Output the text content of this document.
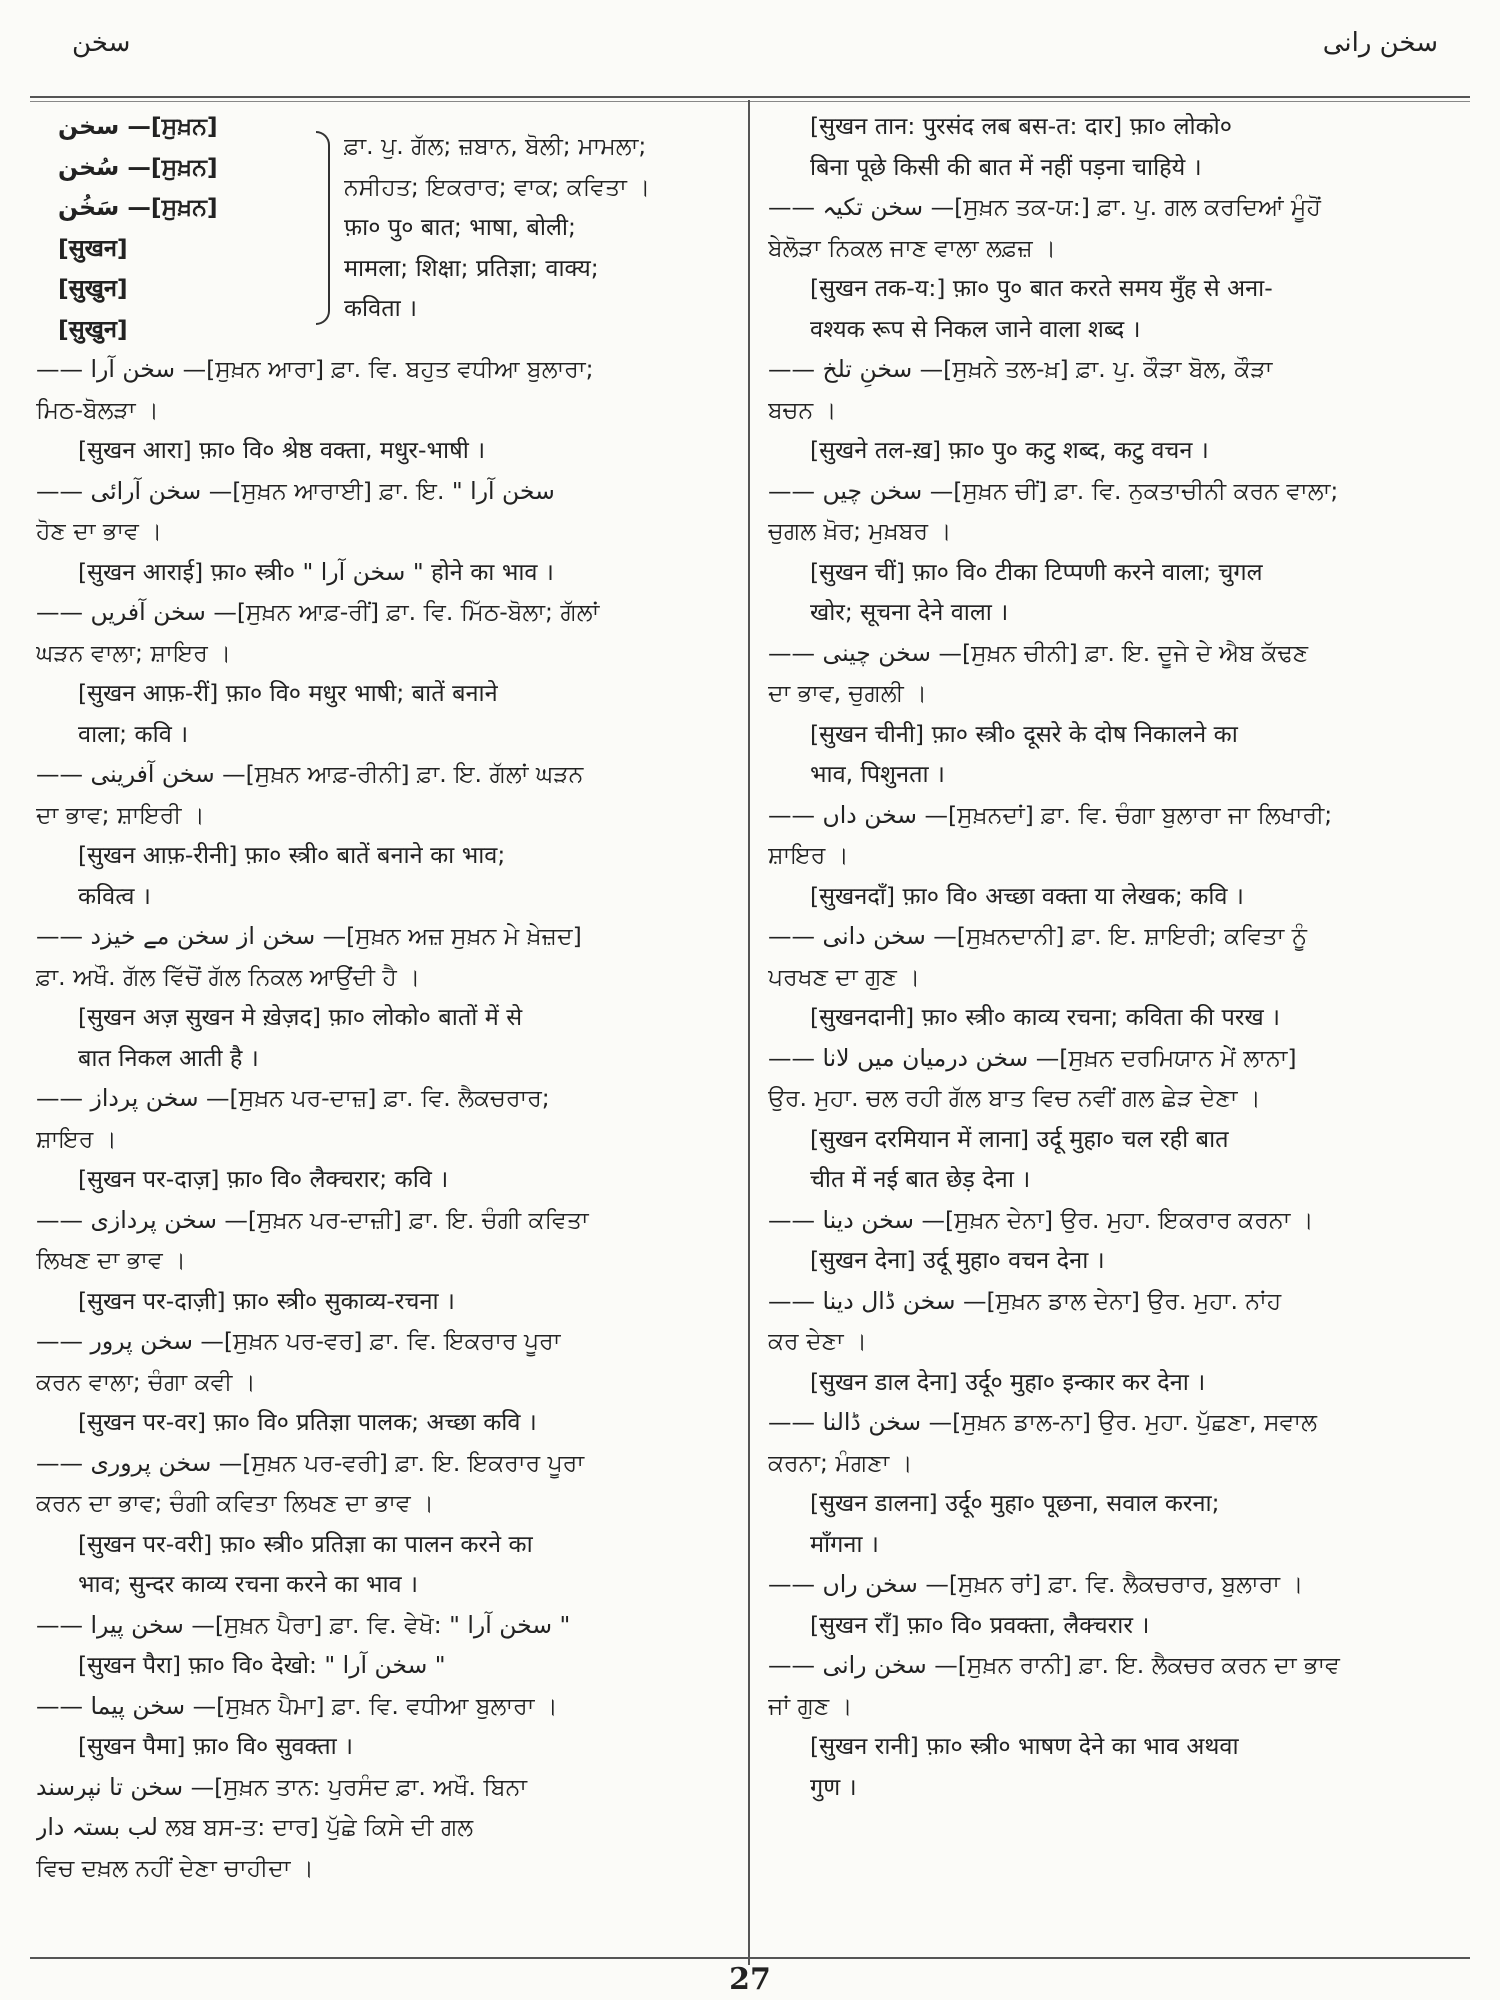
سخن	سخن رانی
سخن —[ਸੁਖ਼ਨ]
سُخن —[ਸੁਖ਼ਨ]
سَخُن —[ਸੁਖ਼ਨ]
[सुखन]
[सुखुन]
[सुखुन]
ਫ਼ਾ. ਪੁ. ਗੱਲ; ਜ਼ਬਾਨ, ਬੋਲੀ; ਮਾਮਲਾ;
ਨਸੀਹਤ; ਇਕਰਾਰ; ਵਾਕ; ਕਵਿਤਾ ।
फ़ा० पु० बात; भाषा, बोली;
मामला; शिक्षा; प्रतिज्ञा; वाक्य;
कविता ।
—— سخن آرا —[ਸੁਖ਼ਨ ਆਰਾ] ਫ਼ਾ. ਵਿ. ਬਹੁਤ ਵਧੀਆ ਬੁਲਾਰਾ;
ਮਿਠ-ਬੋਲੜਾ ।
[सुखन आरा] फ़ा० वि० श्रेष्ठ वक्ता, मधुर-भाषी ।
—— سخن آرائی —[ਸੁਖ਼ਨ ਆਰਾਈ] ਫ਼ਾ. ਇ. " سخن آرا
ਹੋਣ ਦਾ ਭਾਵ ।
[सुखन आराई] फ़ा० स्त्री० " سخن آرا " होने का भाव ।
—— سخن آفریں —[ਸੁਖ਼ਨ ਆਫ਼-ਰੀਂ] ਫ਼ਾ. ਵਿ. ਮਿੱਠ-ਬੋਲਾ; ਗੱਲਾਂ
ਘੜਨ ਵਾਲਾ; ਸ਼ਾਇਰ ।
[सुखन आफ़-रीं] फ़ा० वि० मधुर भाषी; बातें बनाने
वाला; कवि ।
—— سخن آفرینی —[ਸੁਖ਼ਨ ਆਫ਼-ਰੀਨੀ] ਫ਼ਾ. ਇ. ਗੱਲਾਂ ਘੜਨ
ਦਾ ਭਾਵ; ਸ਼ਾਇਰੀ ।
[सुखन आफ़-रीनी] फ़ा० स्त्री० बातें बनाने का भाव;
कवित्व ।
—— سخن از سخن مے خیزد —[ਸੁਖ਼ਨ ਅਜ਼ ਸੁਖ਼ਨ ਮੇ ਖ਼ੇਜ਼ਦ]
ਫ਼ਾ. ਅਖੌ. ਗੱਲ ਵਿੱਚੋਂ ਗੱਲ ਨਿਕਲ ਆਉਂਦੀ ਹੈ ।
[सुखन अज़ सुखन मे ख़ेज़द] फ़ा० लोको० बातों में से
बात निकल आती है ।
—— سخن پرداز —[ਸੁਖ਼ਨ ਪਰ-ਦਾਜ਼] ਫ਼ਾ. ਵਿ. ਲੈਕਚਰਾਰ;
ਸ਼ਾਇਰ ।
[सुखन पर-दाज़] फ़ा० वि० लैक्चरार; कवि ।
—— سخن پردازی —[ਸੁਖ਼ਨ ਪਰ-ਦਾਜ਼ੀ] ਫ਼ਾ. ਇ. ਚੰਗੀ ਕਵਿਤਾ
ਲਿਖਣ ਦਾ ਭਾਵ ।
[सुखन पर-दाज़ी] फ़ा० स्त्री० सुकाव्य-रचना ।
—— سخن پرور —[ਸੁਖ਼ਨ ਪਰ-ਵਰ] ਫ਼ਾ. ਵਿ. ਇਕਰਾਰ ਪੂਰਾ
ਕਰਨ ਵਾਲਾ; ਚੰਗਾ ਕਵੀ ।
[सुखन पर-वर] फ़ा० वि० प्रतिज्ञा पालक; अच्छा कवि ।
—— سخن پروری —[ਸੁਖ਼ਨ ਪਰ-ਵਰੀ] ਫ਼ਾ. ਇ. ਇਕਰਾਰ ਪੂਰਾ
ਕਰਨ ਦਾ ਭਾਵ; ਚੰਗੀ ਕਵਿਤਾ ਲਿਖਣ ਦਾ ਭਾਵ ।
[सुखन पर-वरी] फ़ा० स्त्री० प्रतिज्ञा का पालन करने का
भाव; सुन्दर काव्य रचना करने का भाव ।
—— سخن پیرا —[ਸੁਖ਼ਨ ਪੈਰਾ] ਫ਼ਾ. ਵਿ. ਵੇਖੋ: " سخن آرا "
[सुखन पैरा] फ़ा० वि० देखो: " سخن آرا "
—— سخن پیما —[ਸੁਖ਼ਨ ਪੈਮਾ] ਫ਼ਾ. ਵਿ. ਵਧੀਆ ਬੁਲਾਰਾ ।
[सुखन पैमा] फ़ा० वि० सुवक्ता ।
سخن تا نپرسند —[ਸੁਖ਼ਨ ਤਾਨ: ਪੁਰਸੰਦ ਫ਼ਾ. ਅਖੌ. ਬਿਨਾ
لب بستہ دار ਲਬ ਬਸ-ਤ: ਦਾਰ] ਪੁੱਛੇ ਕਿਸੇ ਦੀ ਗਲ
ਵਿਚ ਦਖ਼ਲ ਨਹੀਂ ਦੇਣਾ ਚਾਹੀਦਾ ।
[सुखन तान: पुरसंद लब बस-त: दार] फ़ा० लोको०
बिना पूछे किसी की बात में नहीं पड़ना चाहिये ।
—— سخن تکیہ —[ਸੁਖ਼ਨ ਤਕ-ਯ:] ਫ਼ਾ. ਪੁ. ਗਲ ਕਰਦਿਆਂ ਮੂੰਹੋਂ
ਬੇਲੋੜਾ ਨਿਕਲ ਜਾਣ ਵਾਲਾ ਲਫ਼ਜ਼ ।
[सुखन तक-य:] फ़ा० पु० बात करते समय मुँह से अना-
वश्यक रूप से निकल जाने वाला शब्द ।
—— سخنِ تلخ —[ਸੁਖ਼ਨੇ ਤਲ-ਖ਼] ਫ਼ਾ. ਪੁ. ਕੌੜਾ ਬੋਲ, ਕੌੜਾ
ਬਚਨ ।
[सुखने तल-ख़] फ़ा० पु० कटु शब्द, कटु वचन ।
—— سخن چیں —[ਸੁਖ਼ਨ ਚੀਂ] ਫ਼ਾ. ਵਿ. ਨੁਕਤਾਚੀਨੀ ਕਰਨ ਵਾਲਾ;
ਚੁਗਲ ਖ਼ੋਰ; ਮੁਖ਼ਬਰ ।
[सुखन चीं] फ़ा० वि० टीका टिप्पणी करने वाला; चुगल
खोर; सूचना देने वाला ।
—— سخن چینی —[ਸੁਖ਼ਨ ਚੀਨੀ] ਫ਼ਾ. ਇ. ਦੂਜੇ ਦੇ ਐਬ ਕੱਢਣ
ਦਾ ਭਾਵ, ਚੁਗਲੀ ।
[सुखन चीनी] फ़ा० स्त्री० दूसरे के दोष निकालने का
भाव, पिशुनता ।
—— سخن داں —[ਸੁਖ਼ਨਦਾਂ] ਫ਼ਾ. ਵਿ. ਚੰਗਾ ਬੁਲਾਰਾ ਜਾ ਲਿਖਾਰੀ;
ਸ਼ਾਇਰ ।
[सुखनदाँ] फ़ा० वि० अच्छा वक्ता या लेखक; कवि ।
—— سخن دانی —[ਸੁਖ਼ਨਦਾਨੀ] ਫ਼ਾ. ਇ. ਸ਼ਾਇਰੀ; ਕਵਿਤਾ ਨੂੰ
ਪਰਖਣ ਦਾ ਗੁਣ ।
[सुखनदानी] फ़ा० स्त्री० काव्य रचना; कविता की परख ।
—— سخن درمیان میں لانا —[ਸੁਖ਼ਨ ਦਰਮਿਯਾਨ ਮੇਂ ਲਾਨਾ]
ਉਰ. ਮੁਹਾ. ਚਲ ਰਹੀ ਗੱਲ ਬਾਤ ਵਿਚ ਨਵੀਂ ਗਲ ਛੇੜ ਦੇਣਾ ।
[सुखन दरमियान में लाना] उर्दू मुहा० चल रही बात
चीत में नई बात छेड़ देना ।
—— سخن دینا —[ਸੁਖ਼ਨ ਦੇਨਾ] ਉਰ. ਮੁਹਾ. ਇਕਰਾਰ ਕਰਨਾ ।
[सुखन देना] उर्दू मुहा० वचन देना ।
—— سخن ڈال دینا —[ਸੁਖ਼ਨ ਡਾਲ ਦੇਨਾ] ਉਰ. ਮੁਹਾ. ਨਾਂਹ
ਕਰ ਦੇਣਾ ।
[सुखन डाल देना] उर्दू० मुहा० इन्कार कर देना ।
—— سخن ڈالنا —[ਸੁਖ਼ਨ ਡਾਲ-ਨਾ] ਉਰ. ਮੁਹਾ. ਪੁੱਛਣਾ, ਸਵਾਲ
ਕਰਨਾ; ਮੰਗਣਾ ।
[सुखन डालना] उर्दू० मुहा० पूछना, सवाल करना;
माँगना ।
—— سخن راں —[ਸੁਖ਼ਨ ਰਾਂ] ਫ਼ਾ. ਵਿ. ਲੈਕਚਰਾਰ, ਬੁਲਾਰਾ ।
[सुखन राँ] फ़ा० वि० प्रवक्ता, लैक्चरार ।
—— سخن رانی —[ਸੁਖ਼ਨ ਰਾਨੀ] ਫ਼ਾ. ਇ. ਲੈਕਚਰ ਕਰਨ ਦਾ ਭਾਵ
ਜਾਂ ਗੁਣ ।
[सुखन रानी] फ़ा० स्त्री० भाषण देने का भाव अथवा
गुण ।
27
